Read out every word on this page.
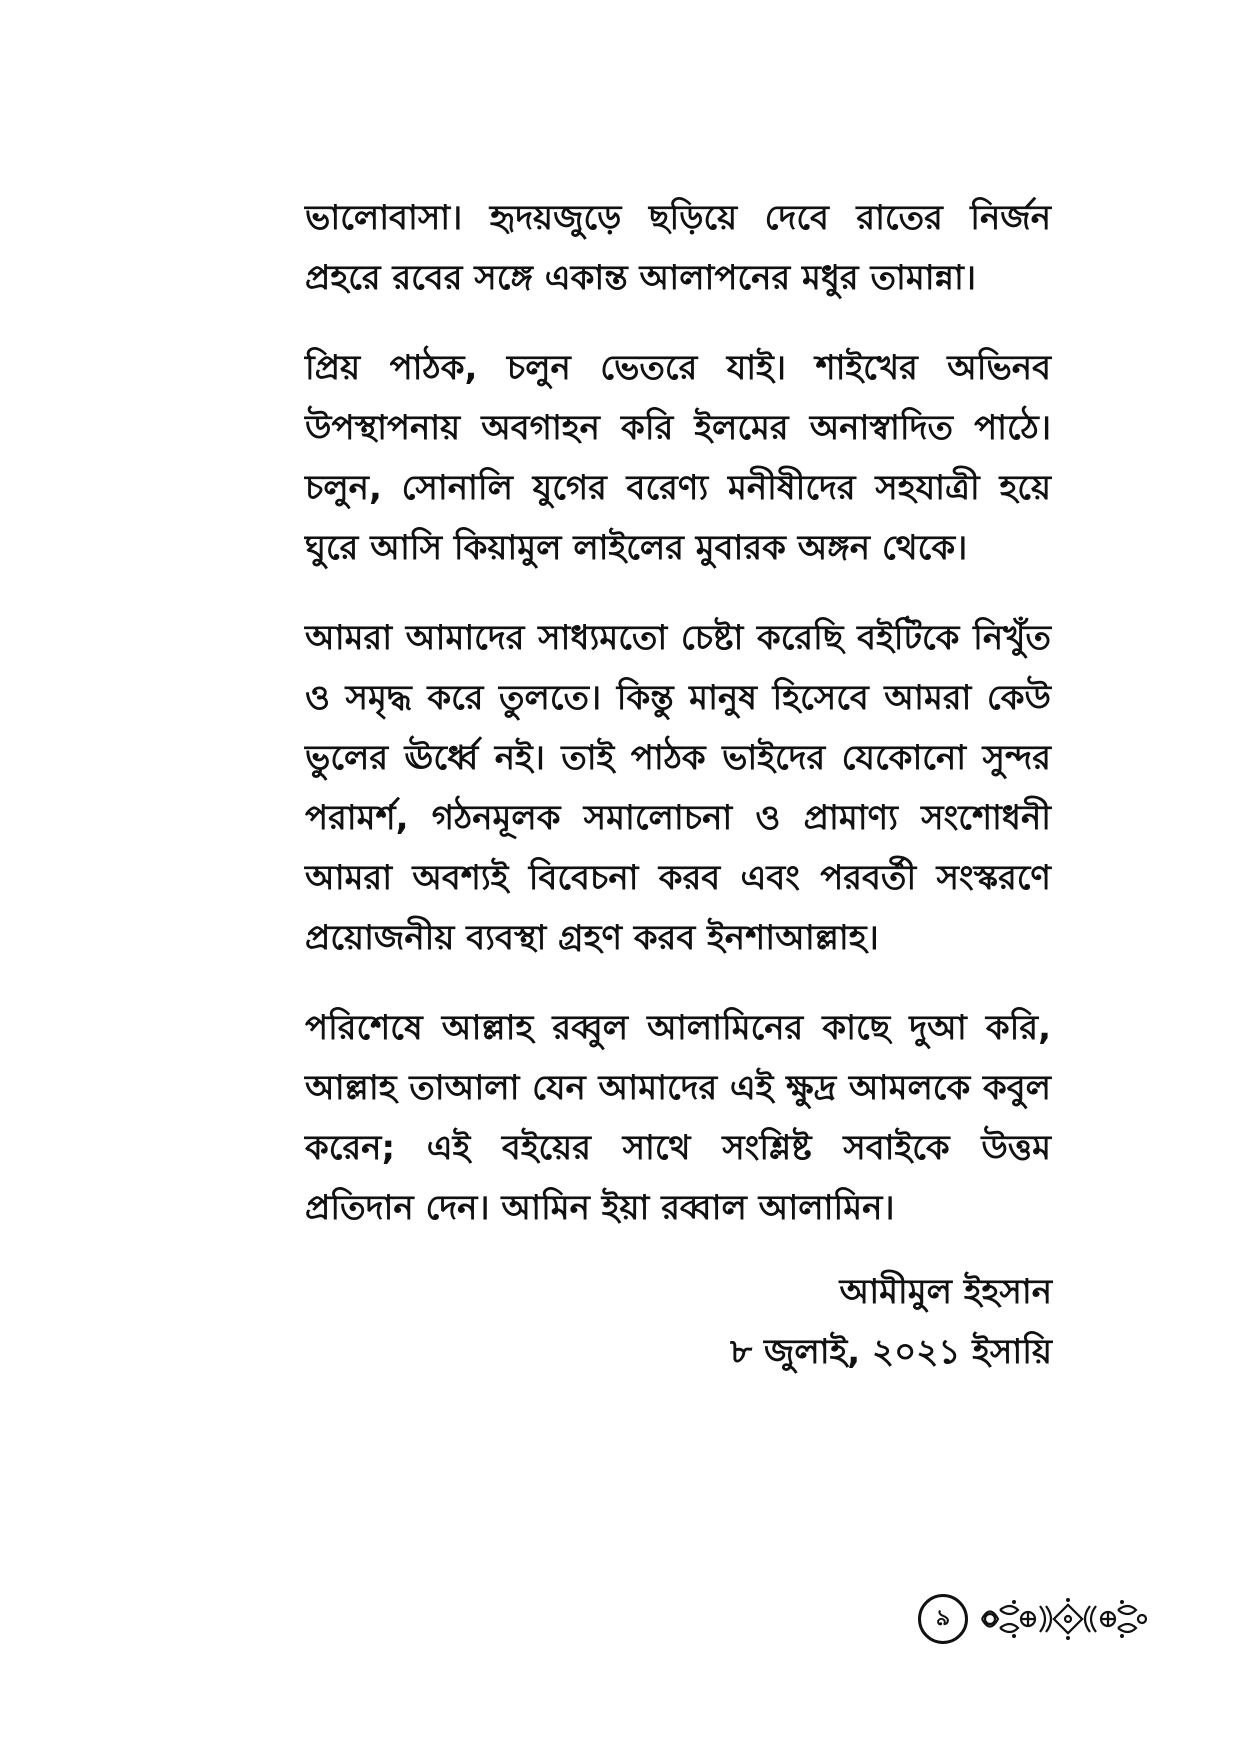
ভালোবাসা। হৃদয়জুড়ে ছড়িয়ে দেবে রাতের নির্জন প্রহরে রবের সঙ্গে একান্ত আলাপনের মধুর তামান্না।

প্রিয় পাঠক, চলুন ভেতরে যাই। শাইখের অভিনব উপস্থাপনায় অবগাহন করি ইলমের অনাস্বাদিত পাঠে। চলুন, সোনালি যুগের বরেণ্য মনীষীদের সহযাত্রী হয়ে ঘুরে আসি কিয়ামুল লাইলের মুবারক অঙ্গন থেকে।

আমরা আমাদের সাধ্যমতো চেষ্টা করেছি বইটিকে নিখুঁত ও সমৃদ্ধ করে তুলতে। কিন্তু মানুষ হিসেবে আমরা কেউ ভুলের ঊর্ধ্বে নই। তাই পাঠক ভাইদের যেকোনো সুন্দর পরামর্শ, গঠনমূলক সমালোচনা ও প্রামাণ্য সংশোধনী আমরা অবশ্যই বিবেচনা করব এবং পরবর্তী সংস্করণে প্রয়োজনীয় ব্যবস্থা গ্রহণ করব ইনশাআল্লাহ।

পরিশেষে আল্লাহ রব্বুল আলামিনের কাছে দুআ করি, আল্লাহ তাআলা যেন আমাদের এই ক্ষুদ্র আমলকে কবুল করেন; এই বইয়ের সাথে সংশ্লিষ্ট সবাইকে উত্তম প্রতিদান দেন। আমিন ইয়া রব্বাল আলামিন।

আমীমুল ইহসান
৮ জুলাই, ২০২১ ইসায়ি
৯
